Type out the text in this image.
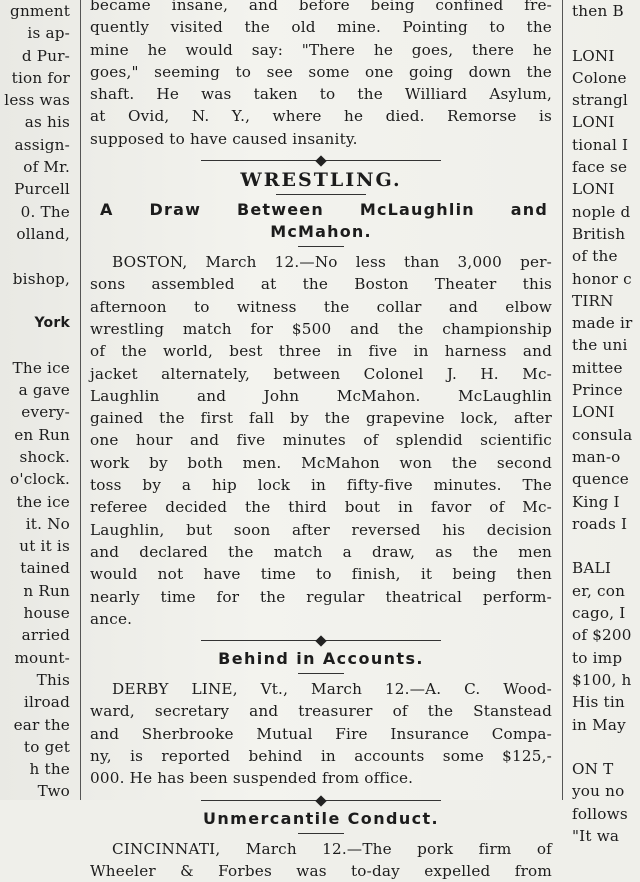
gnment
is ap-
d Pur-
tion for
less was
as his
assign-
of Mr.
Purcell
0. The
olland,

bishop,

York

The ice
a gave
every-
en Run
shock.
o'clock.
the ice
it. No
ut it is
tained
n Run
house
arried
mount-
This
ilroad
ear the
to get
h the
Two
became insane, and before being confined fre-
quently visited the old mine. Pointing to the
mine he would say: "There he goes, there he
goes," seeming to see some one going down the
shaft. He was taken to the Williard Asylum,
at Ovid, N. Y., where he died. Remorse is
supposed to have caused insanity.
WRESTLING.
A Draw Between McLaughlin and
McMahon.
BOSTON, March 12.—No less than 3,000 per-
sons assembled at the Boston Theater this
afternoon to witness the collar and elbow
wrestling match for $500 and the championship
of the world, best three in five in harness and
jacket alternately, between Colonel J. H. Mc-
Laughlin and John McMahon. McLaughlin
gained the first fall by the grapevine lock, after
one hour and five minutes of splendid scientific
work by both men. McMahon won the second
toss by a hip lock in fifty-five minutes. The
referee decided the third bout in favor of Mc-
Laughlin, but soon after reversed his decision
and declared the match a draw, as the men
would not have time to finish, it being then
nearly time for the regular theatrical perform-
ance.
Behind in Accounts.
DERBY LINE, Vt., March 12.—A. C. Wood-
ward, secretary and treasurer of the Stanstead
and Sherbrooke Mutual Fire Insurance Compa-
ny, is reported behind in accounts some $125,-
000. He has been suspended from office.
Unmercantile Conduct.
CINCINNATI, March 12.—The pork firm of
Wheeler & Forbes was to-day expelled from
then B

LONI
Colone
strangl
LONI
tional I
face se
LONI
nople d
British
of the
honor c
TIRN
made ir
the uni
mittee
Prince
LONI
consula
man-o
quence
King I
roads I

BALI
er, con
cago, I
of $200
to imp
$100, h
His tin
in May

ON T
you no
follows
"It wa
